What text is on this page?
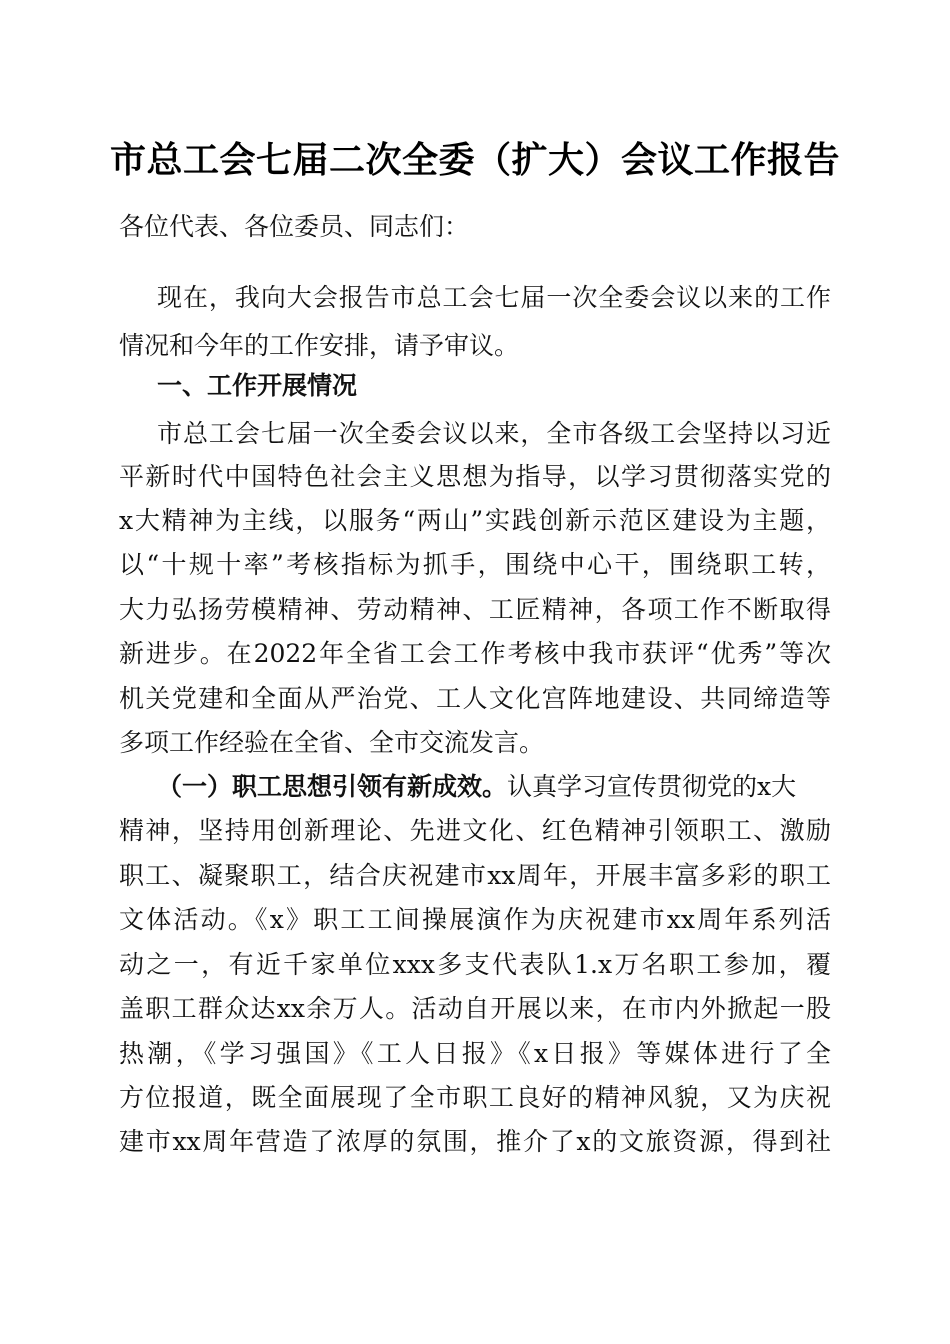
市总工会七届二次全委（扩大）会议工作报告
各位代表、各位委员、同志们：
现在，我向大会报告市总工会七届一次全委会议以来的工作
情况和今年的工作安排，请予审议。
一、工作开展情况
市总工会七届一次全委会议以来，全市各级工会坚持以习近
平新时代中国特色社会主义思想为指导，以学习贯彻落实党的
x大精神为主线，以服务“两山”实践创新示范区建设为主题，
以“十规十率”考核指标为抓手，围绕中心干，围绕职工转，
大力弘扬劳模精神、劳动精神、工匠精神，各项工作不断取得
新进步。在2022年全省工会工作考核中我市获评“优秀”等次
机关党建和全面从严治党、工人文化宫阵地建设、共同缔造等
多项工作经验在全省、全市交流发言。
（一）职工思想引领有新成效。认真学习宣传贯彻党的x大
精神，坚持用创新理论、先进文化、红色精神引领职工、激励
职工、凝聚职工，结合庆祝建市xx周年，开展丰富多彩的职工
文体活动。《x》职工工间操展演作为庆祝建市xx周年系列活
动之一，有近千家单位xxx多支代表队1.x万名职工参加，覆
盖职工群众达xx余万人。活动自开展以来，在市内外掀起一股
热潮，《学习强国》《工人日报》《x日报》等媒体进行了全
方位报道，既全面展现了全市职工良好的精神风貌，又为庆祝
建市xx周年营造了浓厚的氛围，推介了x的文旅资源，得到社
